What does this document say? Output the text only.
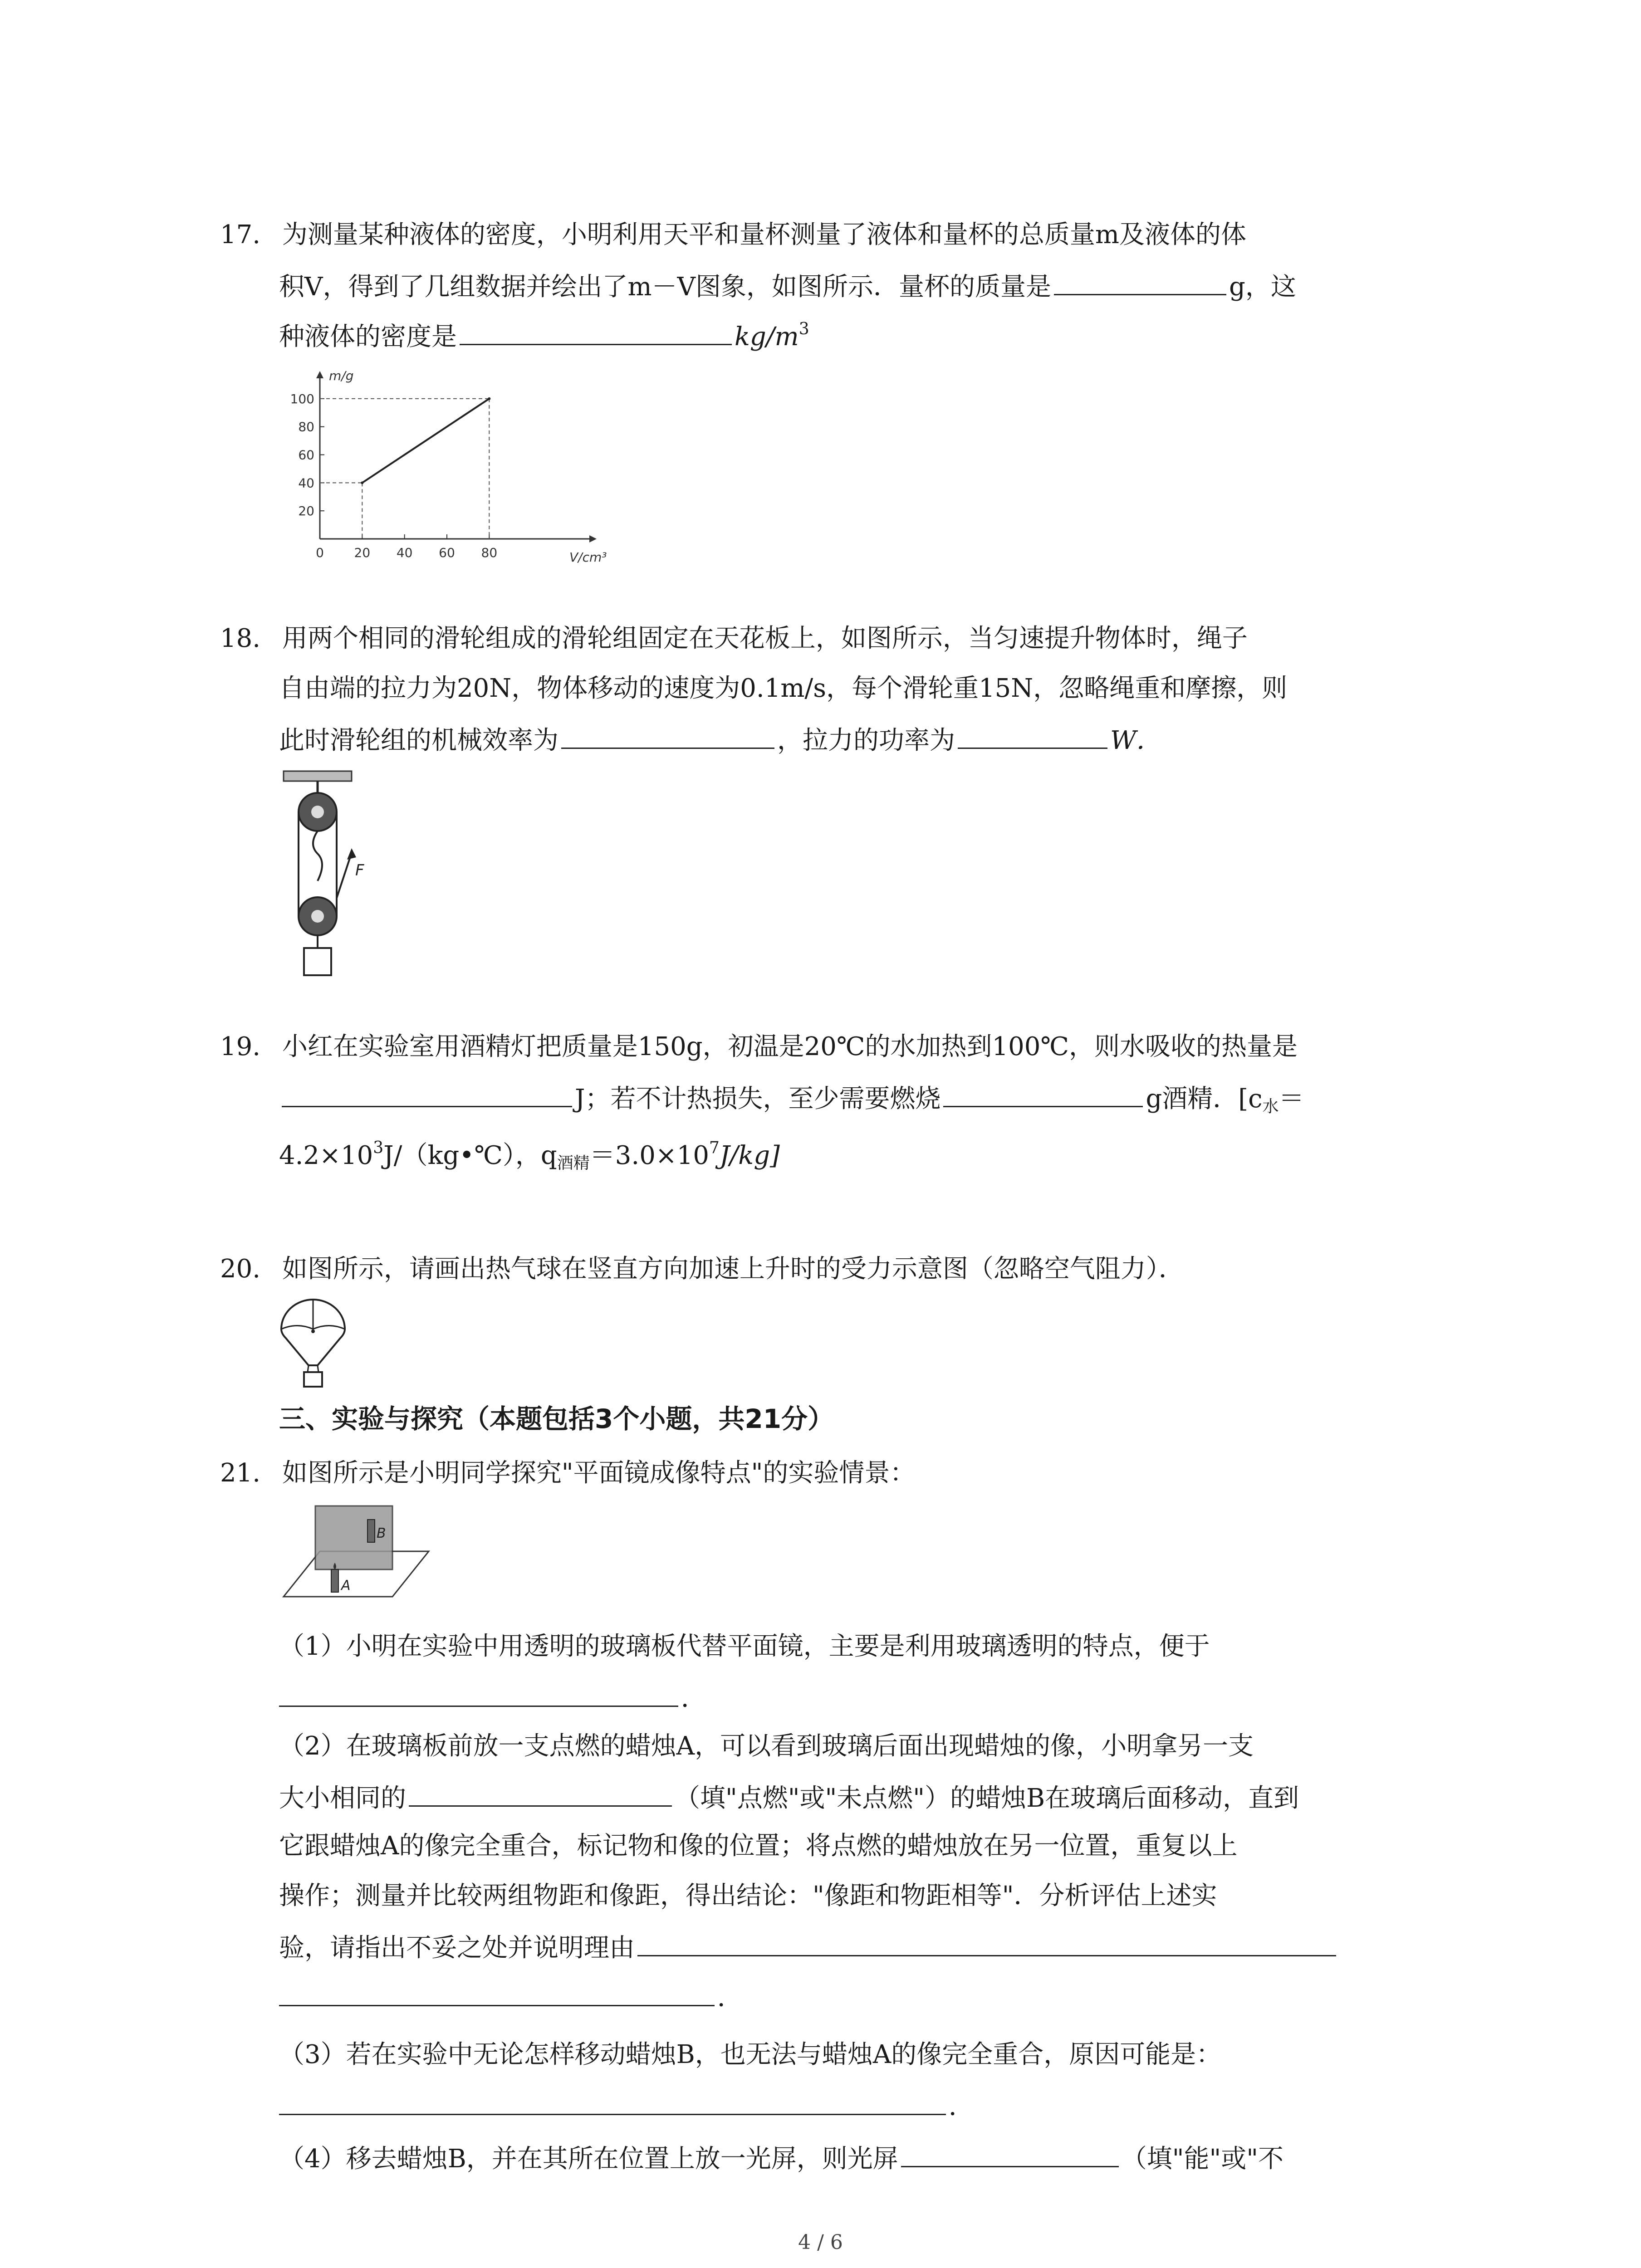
17. 为测量某种液体的密度，小明利用天平和量杯测量了液体和量杯的总质量m及液体的体
积V，得到了几组数据并绘出了m－V图象，如图所示．量杯的质量是	g，这
种液体的密度是	$kg/m^3$
m/g
V/cm³
20
40
60
80
100
0 20 40 60 80
18. 用两个相同的滑轮组成的滑轮组固定在天花板上，如图所示，当匀速提升物体时，绳子
自由端的拉力为20N，物体移动的速度为0.1m/s，每个滑轮重15N，忽略绳重和摩擦，则
此时滑轮组的机械效率为	，拉力的功率为	W．
F
19. 小红在实验室用酒精灯把质量是150g，初温是20℃的水加热到100℃，则水吸收的热量是
J；若不计热损失，至少需要燃烧	g酒精．[$c_水=$
$4.2\times 10^3J/(kg•℃)$，$q_{酒精}=3.0\times 10^7J/kg$]
20. 如图所示，请画出热气球在竖直方向加速上升时的受力示意图（忽略空气阻力）．
三、实验与探究（本题包括3个小题，共21分）
21. 如图所示是小明同学探究"平面镜成像特点"的实验情景：
B
A
（1）小明在实验中用透明的玻璃板代替平面镜，主要是利用玻璃透明的特点，便于
．
（2）在玻璃板前放一支点燃的蜡烛A，可以看到玻璃后面出现蜡烛的像，小明拿另一支
大小相同的	（填"点燃"或"未点燃"）的蜡烛B在玻璃后面移动，直到
它跟蜡烛A的像完全重合，标记物和像的位置；将点燃的蜡烛放在另一位置，重复以上
操作；测量并比较两组物距和像距，得出结论："像距和物距相等"．分析评估上述实
验，请指出不妥之处并说明理由
．
（3）若在实验中无论怎样移动蜡烛B，也无法与蜡烛A的像完全重合，原因可能是：
．
（4）移去蜡烛B，并在其所在位置上放一光屏，则光屏	（填"能"或"不
4 / 6
